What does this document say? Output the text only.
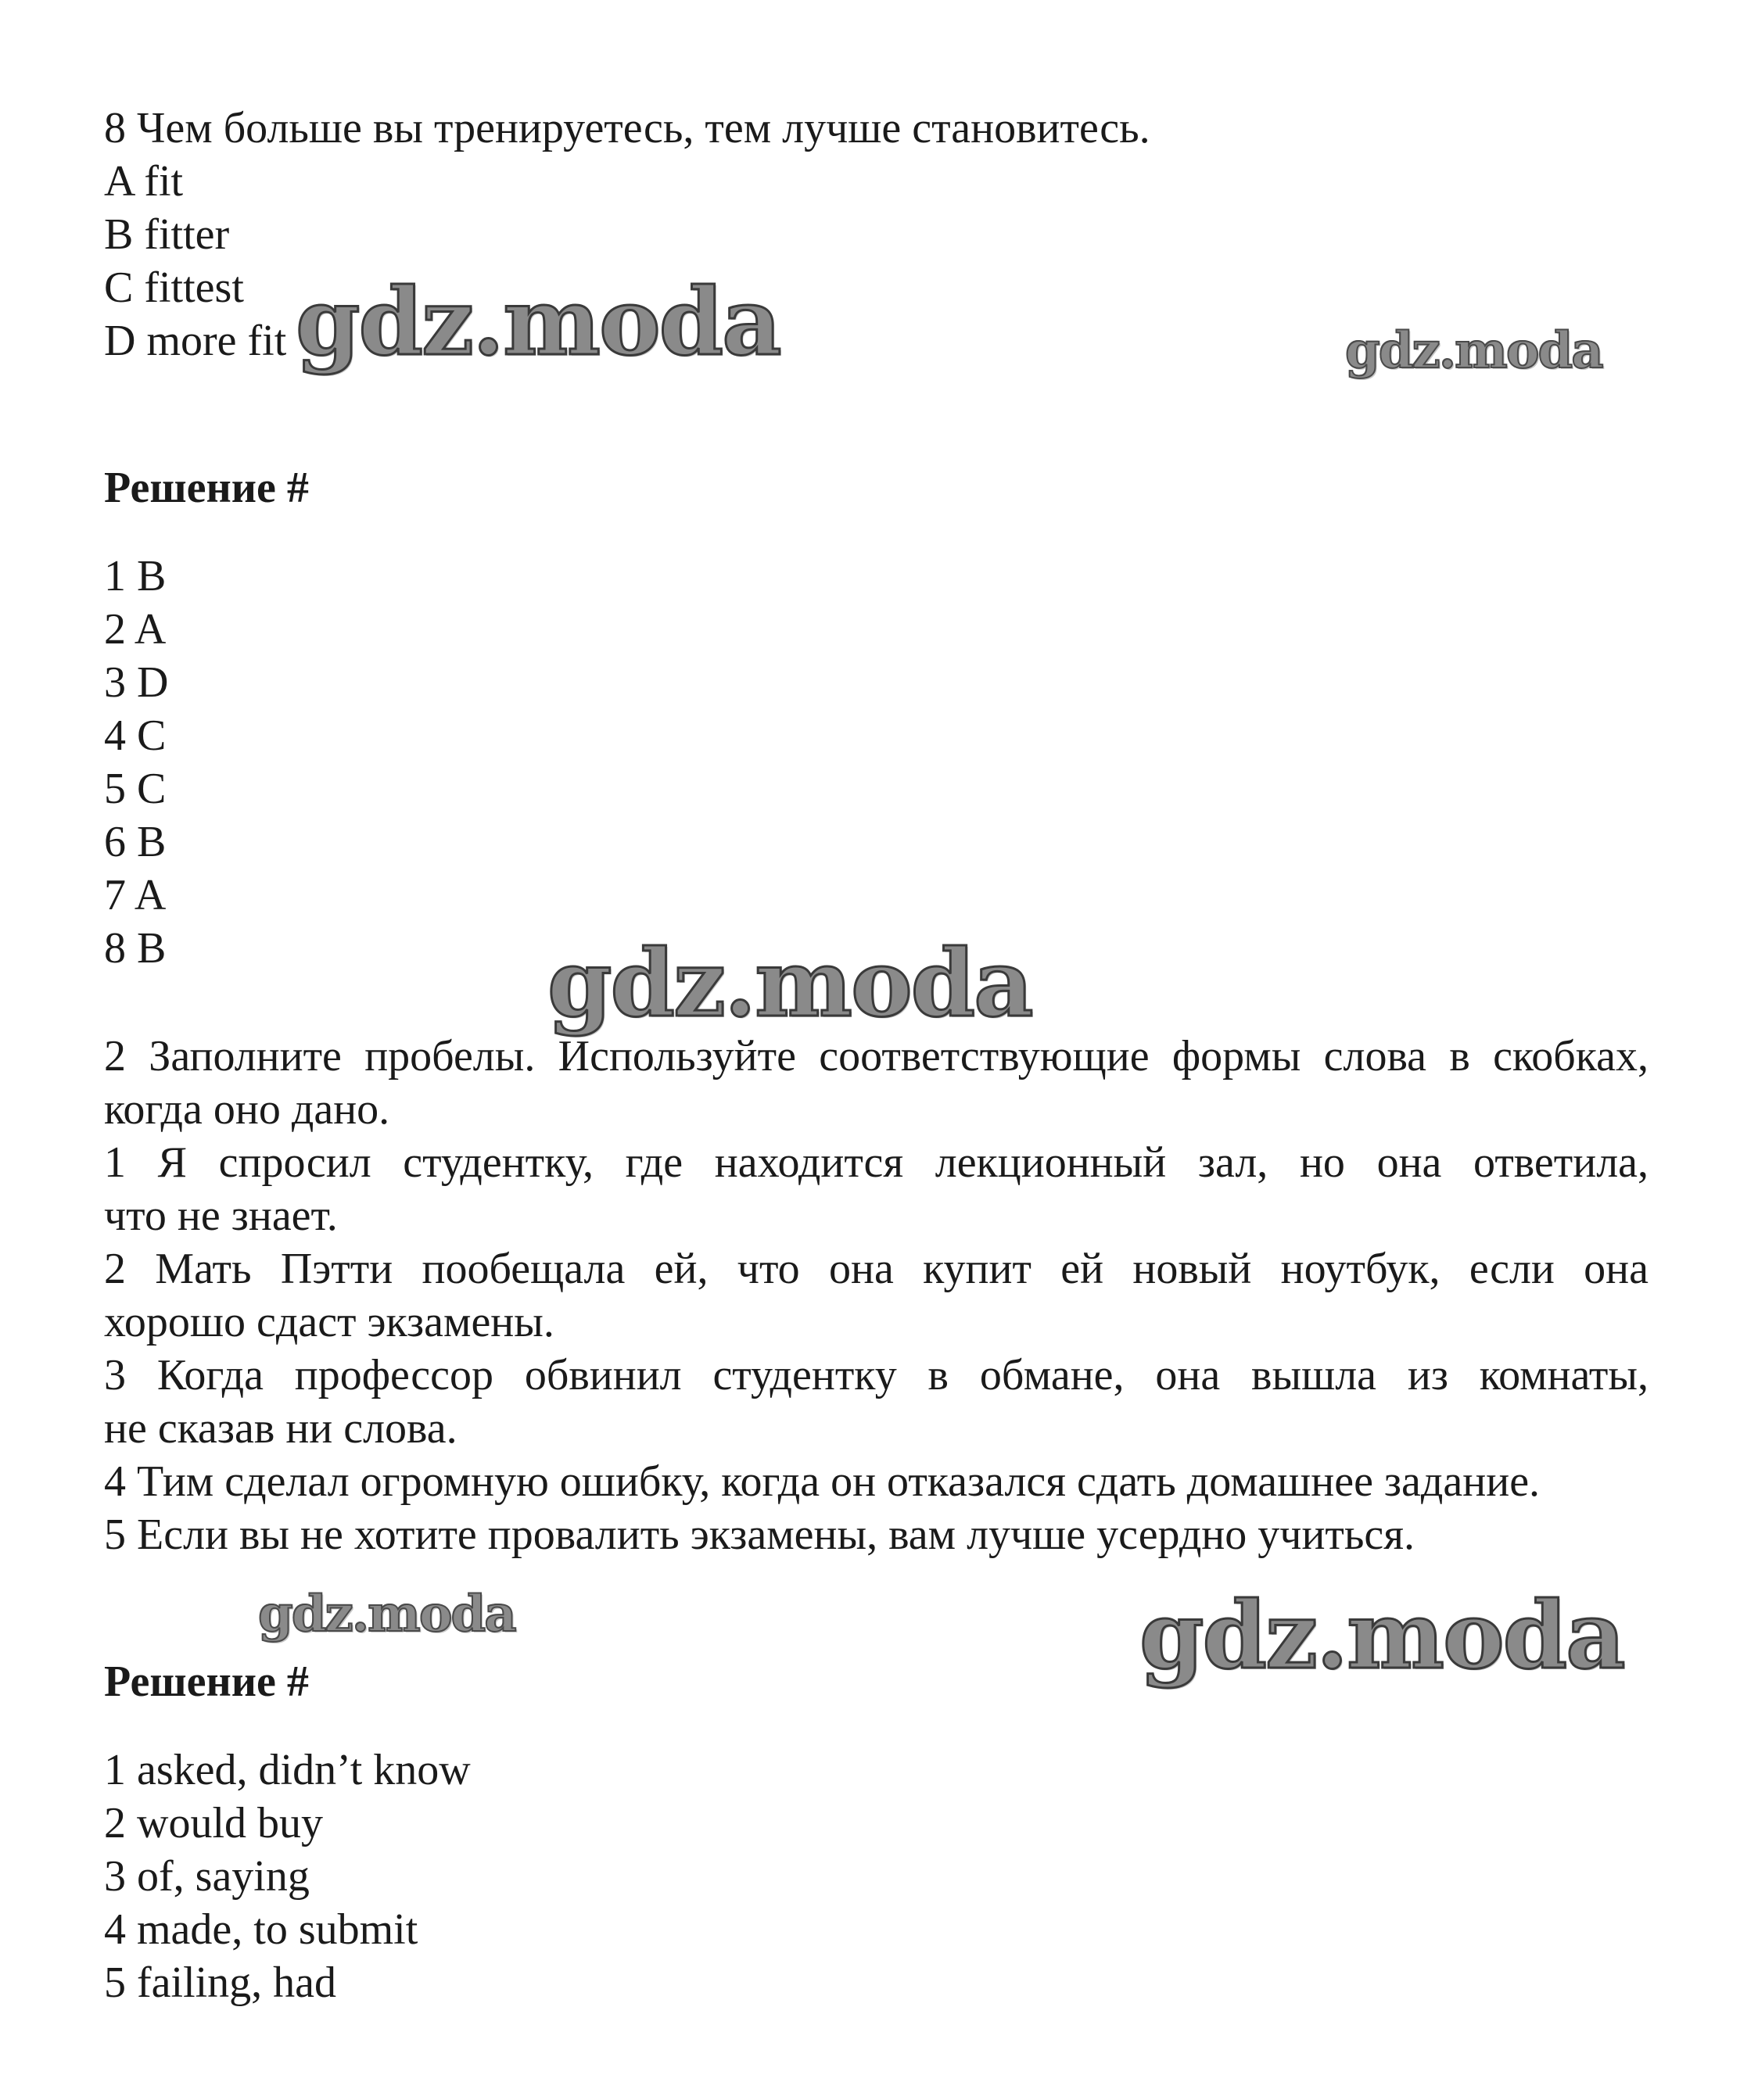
8 Чем больше вы тренируетесь, тем лучше становитесь.
A fit
B fitter
C fittest
D more fit
Решение #
1 B
2 A
3 D
4 C
5 C
6 B
7 A
8 B
2 Заполните пробелы. Используйте соответствующие формы слова в скобках,
когда оно дано.
1 Я спросил студентку, где находится лекционный зал, но она ответила,
что не знает.
2 Мать Пэтти пообещала ей, что она купит ей новый ноутбук, если она
хорошо сдаст экзамены.
3 Когда профессор обвинил студентку в обмане, она вышла из комнаты,
не сказав ни слова.
4 Тим сделал огромную ошибку, когда он отказался сдать домашнее задание.
5 Если вы не хотите провалить экзамены, вам лучше усердно учиться.
Решение #
1 asked, didn’t know
2 would buy
3 of, saying
4 made, to submit
5 failing, had
gdz.moda	gdz.moda
gdz.moda
gdz.moda	gdz.moda
